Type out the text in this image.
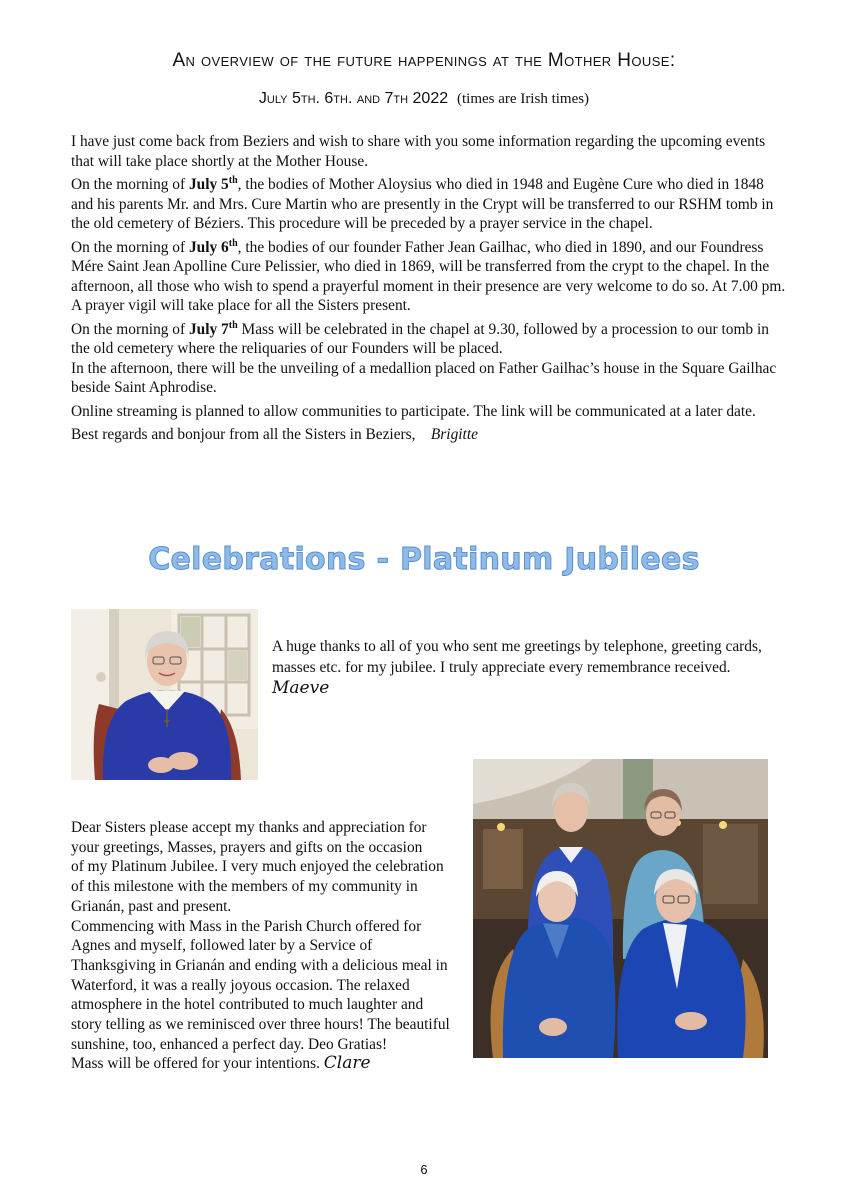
An overview of the future happenings at the Mother House:
July 5th. 6th. and 7th 2022 (times are Irish times)

I have just come back from Beziers and wish to share with you some information regarding the upcoming events that will take place shortly at the Mother House.

On the morning of July 5th, the bodies of Mother Aloysius who died in 1948 and Eugène Cure who died in 1848 and his parents Mr. and Mrs. Cure Martin who are presently in the Crypt will be transferred to our RSHM tomb in the old cemetery of Béziers. This procedure will be preceded by a prayer service in the chapel.

On the morning of July 6th, the bodies of our founder Father Jean Gailhac, who died in 1890, and our Foundress Mére Saint Jean Apolline Cure Pelissier, who died in 1869, will be transferred from the crypt to the chapel. In the afternoon, all those who wish to spend a prayerful moment in their presence are very welcome to do so. At 7.00 pm. A prayer vigil will take place for all the Sisters present.

On the morning of July 7th Mass will be celebrated in the chapel at 9.30, followed by a procession to our tomb in the old cemetery where the reliquaries of our Founders will be placed.
In the afternoon, there will be the unveiling of a medallion placed on Father Gailhac’s house in the Square Gailhac beside Saint Aphrodise.

Online streaming is planned to allow communities to participate. The link will be communicated at a later date.

Best regards and bonjour from all the Sisters in Beziers, Brigitte

Celebrations - Platinum Jubilees
A huge thanks to all of you who sent me greetings by telephone, greeting cards, masses etc. for my jubilee. I truly appreciate every remembrance received. Maeve
Dear Sisters please accept my thanks and appreciation for your greetings, Masses, prayers and gifts on the occasion
of my Platinum Jubilee. I very much enjoyed the celebration of this milestone with the members of my community in Grianán, past and present.
Commencing with Mass in the Parish Church offered for Agnes and myself, followed later by a Service of Thanksgiving in Grianán and ending with a delicious meal in Waterford, it was a really joyous occasion. The relaxed atmosphere in the hotel contributed to much laughter and story telling as we reminisced over three hours! The beautiful sunshine, too, enhanced a perfect day. Deo Gratias!
Mass will be offered for your intentions. Clare
6
